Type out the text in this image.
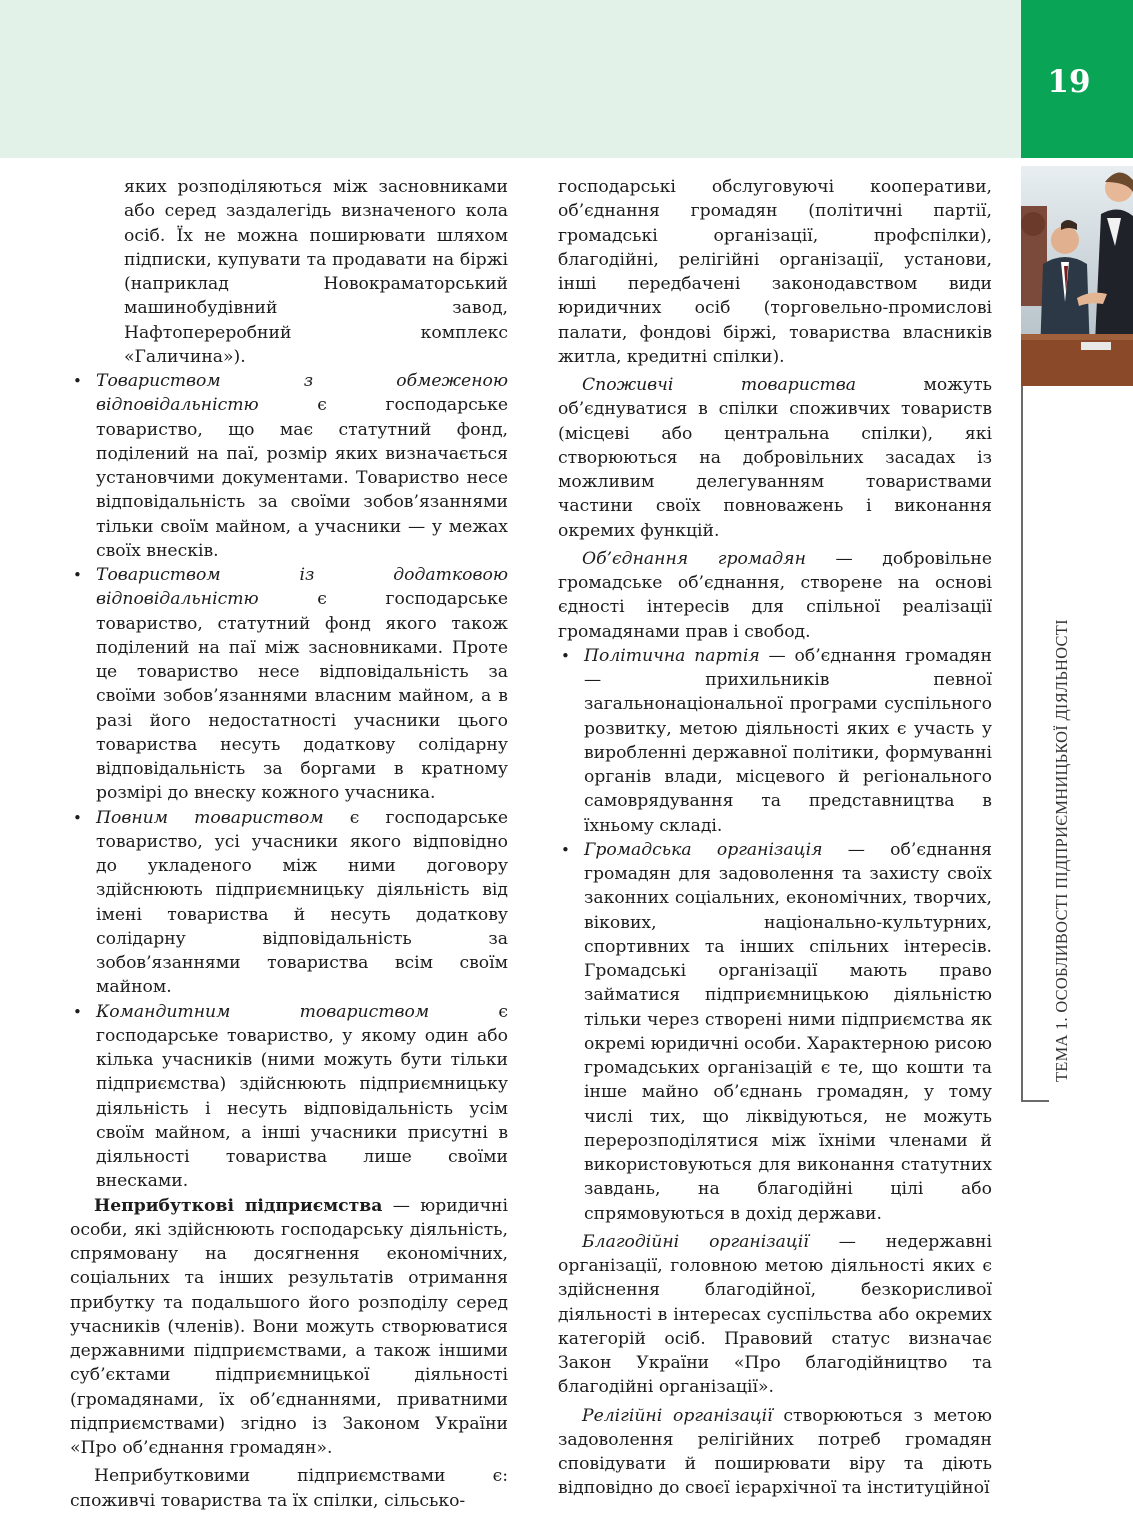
19
ТЕМА 1. ОСОБЛИВОСТІ ПІДПРИЄМНИЦЬКОЇ ДІЯЛЬНОСТІ

яких розподіляються між засновниками або серед заздалегідь визначеного кола осіб. Їх не можна поширювати шляхом підписки, купувати та продавати на біржі (наприклад Новокраматорський машинобудівний завод, Нафтопереробний комплекс «Галичина»).

• Товариством з обмеженою відповідальністю є господарське товариство, що має статутний фонд, поділений на паї, розмір яких визначається установчими документами. Товариство несе відповідальність за своїми зобов’язаннями тільки своїм майном, а учасники — у межах своїх внесків.

• Товариством із додатковою відповідальністю є господарське товариство, статутний фонд якого також поділений на паї між засновниками. Проте це товариство несе відповідальність за своїми зобов’язаннями власним майном, а в разі його недостатності учасники цього товариства несуть додаткову солідарну відповідальність за боргами в кратному розмірі до внеску кожного учасника.

• Повним товариством є господарське товариство, усі учасники якого відповідно до укладеного між ними договору здійснюють підприємницьку діяльність від імені товариства й несуть додаткову солідарну відповідальність за зобов’язаннями товариства всім своїм майном.

• Командитним товариством є господарське товариство, у якому один або кілька учасників (ними можуть бути тільки підприємства) здійснюють підприємницьку діяльність і несуть відповідальність усім своїм майном, а інші учасники присутні в діяльності товариства лише своїми внесками.

Неприбуткові підприємства — юридичні особи, які здійснюють господарську діяльність, спрямовану на досягнення економічних, соціальних та інших результатів отримання прибутку та подальшого його розподілу серед учасників (членів). Вони можуть створюватися державними підприємствами, а також іншими суб’єктами підприємницької діяльності (громадянами, їх об’єднаннями, приватними підприємствами) згідно із Законом України «Про об’єднання громадян».

Неприбутковими підприємствами є: споживчі товариства та їх спілки, сільсько-

господарські обслуговуючі кооперативи, об’єднання громадян (політичні партії, громадські організації, профспілки), благодійні, релігійні організації, установи, інші передбачені законодавством види юридичних осіб (торговельно-промислові палати, фондові біржі, товариства власників житла, кредитні спілки).

Споживчі товариства можуть об’єднуватися в спілки споживчих товариств (місцеві або центральна спілки), які створюються на добровільних засадах із можливим делегуванням товариствами частини своїх повноважень і виконання окремих функцій.

Об’єднання громадян — добровільне громадське об’єднання, створене на основі єдності інтересів для спільної реалізації громадянами прав і свобод.

• Політична партія — об’єднання громадян — прихильників певної загальнонаціональної програми суспільного розвитку, метою діяльності яких є участь у виробленні державної політики, формуванні органів влади, місцевого й регіонального самоврядування та представництва в їхньому складі.

• Громадська організація — об’єднання громадян для задоволення та захисту своїх законних соціальних, економічних, творчих, вікових, національно-культурних, спортивних та інших спільних інтересів. Громадські організації мають право займатися підприємницькою діяльністю тільки через створені ними підприємства як окремі юридичні особи. Характерною рисою громадських організацій є те, що кошти та інше майно об’єднань громадян, у тому числі тих, що ліквідуються, не можуть перерозподілятися між їхніми членами й використовуються для виконання статутних завдань, на благодійні цілі або спрямовуються в дохід держави.

Благодійні організації — недержавні організації, головною метою діяльності яких є здійснення благодійної, безкорисливої діяльності в інтересах суспільства або окремих категорій осіб. Правовий статус визначає Закон України «Про благодійництво та благодійні організації».

Релігійні організації створюються з метою задоволення релігійних потреб громадян сповідувати й поширювати віру та діють відповідно до своєї ієрархічної та інституційної
